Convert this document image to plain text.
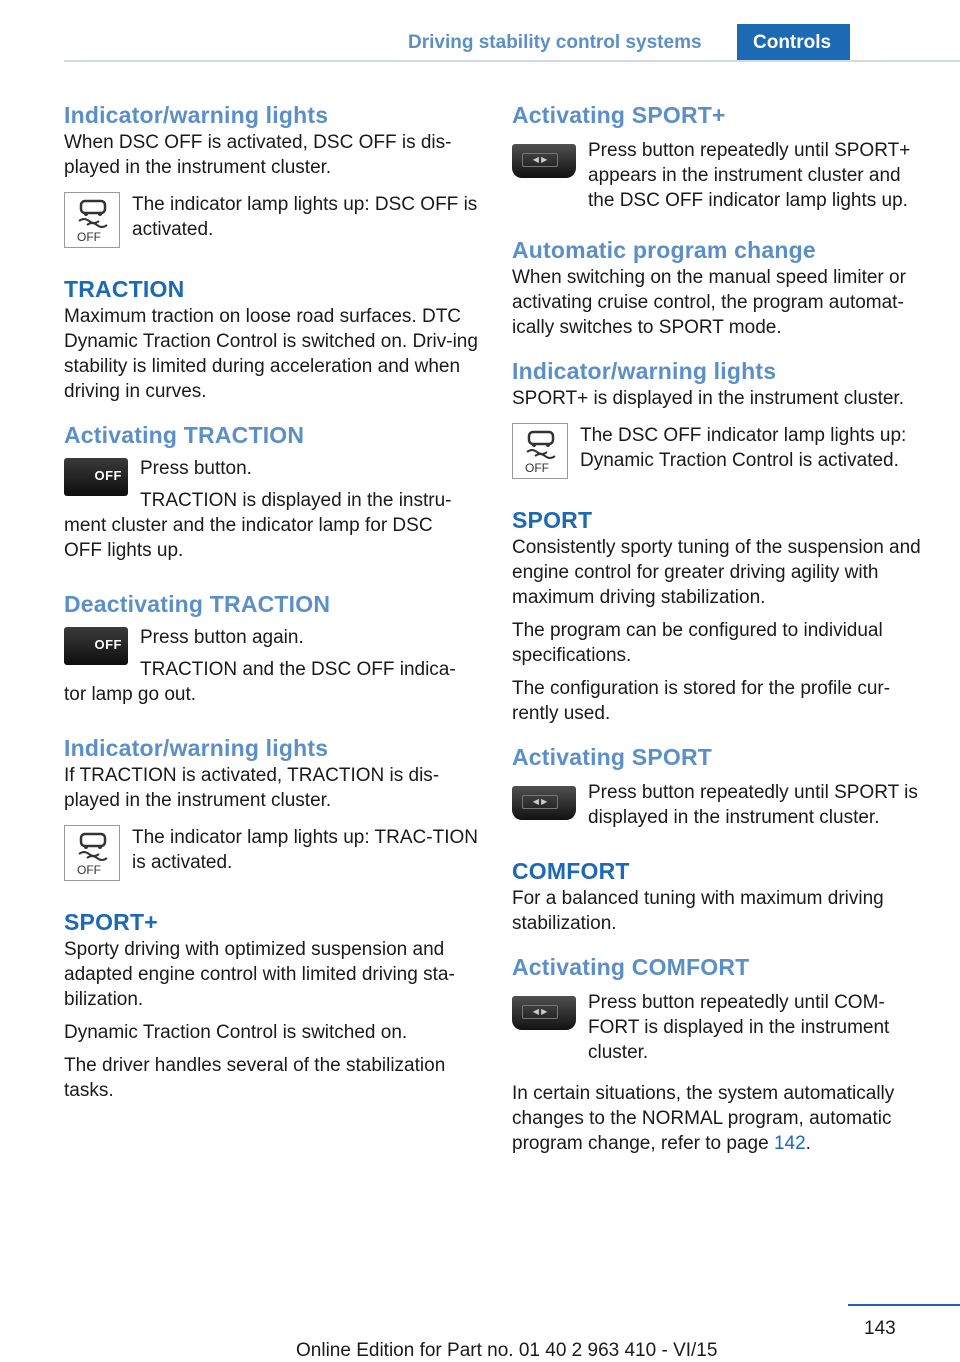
Driving stability control systems	Controls
Indicator/warning lights

When DSC OFF is activated, DSC OFF is dis-played in the instrument cluster.

OFF
The indicator lamp lights up: DSC OFF is activated.
TRACTION

Maximum traction on loose road surfaces. DTC Dynamic Traction Control is switched on. Driv-ing stability is limited during acceleration and when driving in curves.

Activating TRACTION
OFF Press button.
TRACTION is displayed in the instru-

ment cluster and the indicator lamp for DSC
OFF lights up.

Deactivating TRACTION
OFF Press button again.
TRACTION and the DSC OFF indica-

tor lamp go out.

Indicator/warning lights

If TRACTION is activated, TRACTION is dis-played in the instrument cluster.

OFF
The indicator lamp lights up: TRAC-TION is activated.
SPORT+

Sporty driving with optimized suspension and adapted engine control with limited driving sta-bilization.

Dynamic Traction Control is switched on.

The driver handles several of the stabilization tasks.

Activating SPORT+
◀ ▶	Press button repeatedly until SPORT+ appears in the instrument cluster and the DSC OFF indicator lamp lights up.
Automatic program change

When switching on the manual speed limiter or activating cruise control, the program automat-ically switches to SPORT mode.

Indicator/warning lights

SPORT+ is displayed in the instrument cluster.

OFF
The DSC OFF indicator lamp lights up: Dynamic Traction Control is activated.
SPORT

Consistently sporty tuning of the suspension and engine control for greater driving agility with maximum driving stabilization.

The program can be configured to individual specifications.

The configuration is stored for the profile cur-rently used.

Activating SPORT
◀ ▶	Press button repeatedly until SPORT is displayed in the instrument cluster.
COMFORT

For a balanced tuning with maximum driving stabilization.

Activating COMFORT
◀ ▶	Press button repeatedly until COM-FORT is displayed in the instrument cluster.

In certain situations, the system automatically changes to the NORMAL program, automatic program change, refer to page 142.

143
Online Edition for Part no. 01 40 2 963 410 - VI/15
